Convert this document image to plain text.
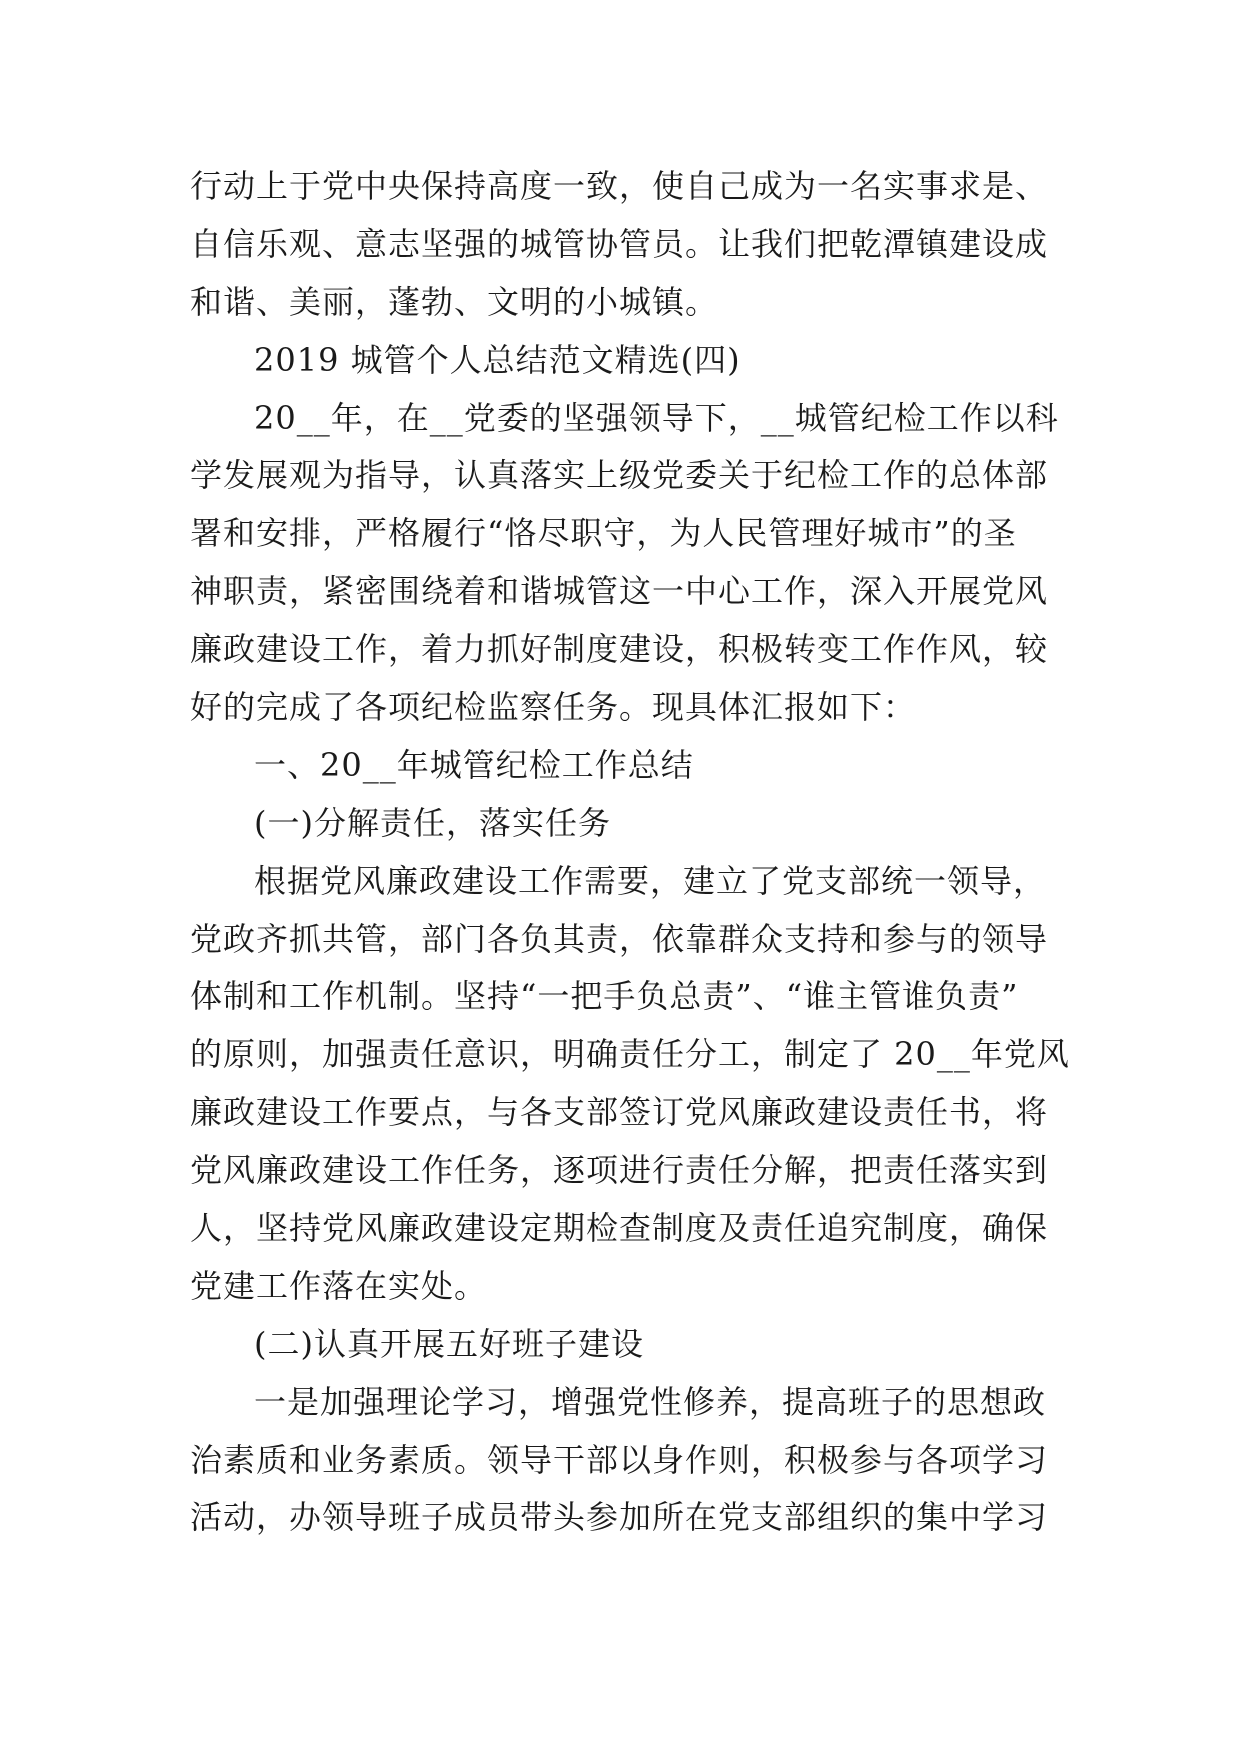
行动上于党中央保持高度一致，使自己成为一名实事求是、
自信乐观、意志坚强的城管协管员。让我们把乾潭镇建设成
和谐、美丽，蓬勃、文明的小城镇。
2019 城管个人总结范文精选(四)
20__年，在__党委的坚强领导下，__城管纪检工作以科
学发展观为指导，认真落实上级党委关于纪检工作的总体部
署和安排，严格履行“恪尽职守，为人民管理好城市”的圣
神职责，紧密围绕着和谐城管这一中心工作，深入开展党风
廉政建设工作，着力抓好制度建设，积极转变工作作风，较
好的完成了各项纪检监察任务。现具体汇报如下：
一、20__年城管纪检工作总结
(一)分解责任，落实任务
根据党风廉政建设工作需要，建立了党支部统一领导，
党政齐抓共管，部门各负其责，依靠群众支持和参与的领导
体制和工作机制。坚持“一把手负总责”、“谁主管谁负责”
的原则，加强责任意识，明确责任分工，制定了 20__年党风
廉政建设工作要点，与各支部签订党风廉政建设责任书，将
党风廉政建设工作任务，逐项进行责任分解，把责任落实到
人，坚持党风廉政建设定期检查制度及责任追究制度，确保
党建工作落在实处。
(二)认真开展五好班子建设
一是加强理论学习，增强党性修养，提高班子的思想政
治素质和业务素质。领导干部以身作则，积极参与各项学习
活动，办领导班子成员带头参加所在党支部组织的集中学习
